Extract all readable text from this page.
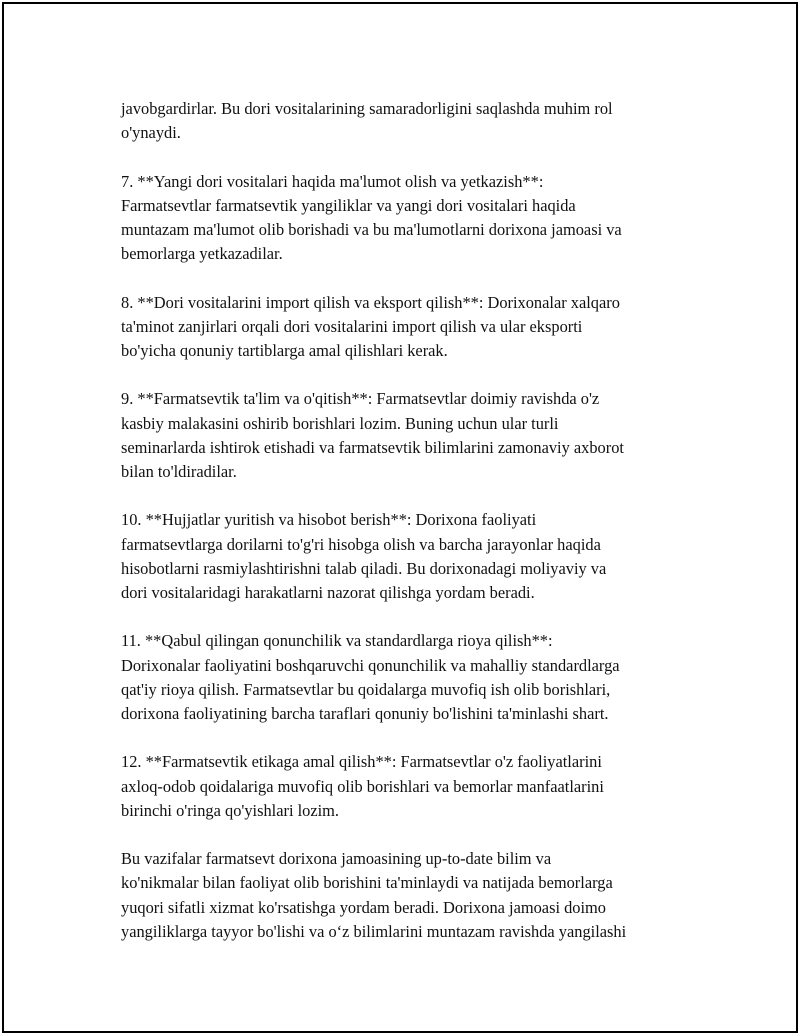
javobgardirlar. Bu dori vositalarining samaradorligini saqlashda muhim rol
o'ynaydi.

7. **Yangi dori vositalari haqida ma'lumot olish va yetkazish**:
Farmatsevtlar farmatsevtik yangiliklar va yangi dori vositalari haqida
muntazam ma'lumot olib borishadi va bu ma'lumotlarni dorixona jamoasi va
bemorlarga yetkazadilar.

8. **Dori vositalarini import qilish va eksport qilish**: Dorixonalar xalqaro
ta'minot zanjirlari orqali dori vositalarini import qilish va ular eksporti
bo'yicha qonuniy tartiblarga amal qilishlari kerak.

9. **Farmatsevtik ta'lim va o'qitish**: Farmatsevtlar doimiy ravishda o'z
kasbiy malakasini oshirib borishlari lozim. Buning uchun ular turli
seminarlarda ishtirok etishadi va farmatsevtik bilimlarini zamonaviy axborot
bilan to'ldiradilar.

10. **Hujjatlar yuritish va hisobot berish**: Dorixona faoliyati
farmatsevtlarga dorilarni to'g'ri hisobga olish va barcha jarayonlar haqida
hisobotlarni rasmiylashtirishni talab qiladi. Bu dorixonadagi moliyaviy va
dori vositalaridagi harakatlarni nazorat qilishga yordam beradi.

11. **Qabul qilingan qonunchilik va standardlarga rioya qilish**:
Dorixonalar faoliyatini boshqaruvchi qonunchilik va mahalliy standardlarga
qat'iy rioya qilish. Farmatsevtlar bu qoidalarga muvofiq ish olib borishlari,
dorixona faoliyatining barcha taraflari qonuniy bo'lishini ta'minlashi shart.

12. **Farmatsevtik etikaga amal qilish**: Farmatsevtlar o'z faoliyatlarini
axloq-odob qoidalariga muvofiq olib borishlari va bemorlar manfaatlarini
birinchi o'ringa qo'yishlari lozim.

Bu vazifalar farmatsevt dorixona jamoasining up-to-date bilim va
ko'nikmalar bilan faoliyat olib borishini ta'minlaydi va natijada bemorlarga
yuqori sifatli xizmat ko'rsatishga yordam beradi. Dorixona jamoasi doimo
yangiliklarga tayyor bo'lishi va o‘z bilimlarini muntazam ravishda yangilashi
